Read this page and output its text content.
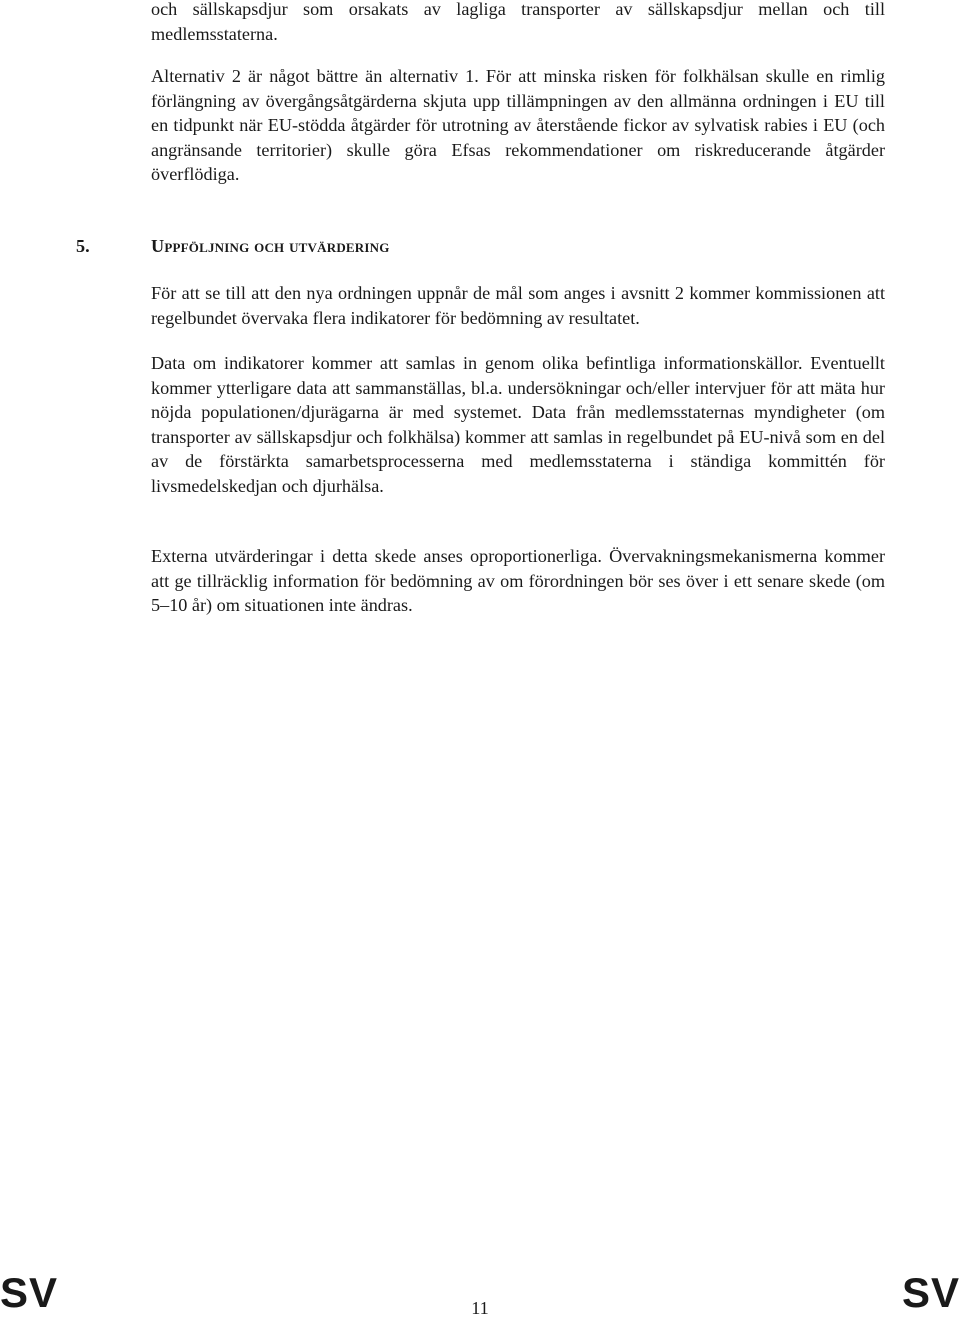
och sällskapsdjur som orsakats av lagliga transporter av sällskapsdjur mellan och till medlemsstaterna.

Alternativ 2 är något bättre än alternativ 1. För att minska risken för folkhälsan skulle en rimlig förlängning av övergångsåtgärderna skjuta upp tillämpningen av den allmänna ordningen i EU till en tidpunkt när EU-stödda åtgärder för utrotning av återstående fickor av sylvatisk rabies i EU (och angränsande territorier) skulle göra Efsas rekommendationer om riskreducerande åtgärder överflödiga.

5.	Uppföljning och utvärdering

För att se till att den nya ordningen uppnår de mål som anges i avsnitt 2 kommer kommissionen att regelbundet övervaka flera indikatorer för bedömning av resultatet.

Data om indikatorer kommer att samlas in genom olika befintliga informationskällor. Eventuellt kommer ytterligare data att sammanställas, bl.a. undersökningar och/eller intervjuer för att mäta hur nöjda populationen/djurägarna är med systemet. Data från medlemsstaternas myndigheter (om transporter av sällskapsdjur och folkhälsa) kommer att samlas in regelbundet på EU-nivå som en del av de förstärkta samarbetsprocesserna med medlemsstaterna i ständiga kommittén för livsmedelskedjan och djurhälsa.

Externa utvärderingar i detta skede anses oproportionerliga. Övervakningsmekanismerna kommer att ge tillräcklig information för bedömning av om förordningen bör ses över i ett senare skede (om 5–10 år) om situationen inte ändras.

SV	11	SV
